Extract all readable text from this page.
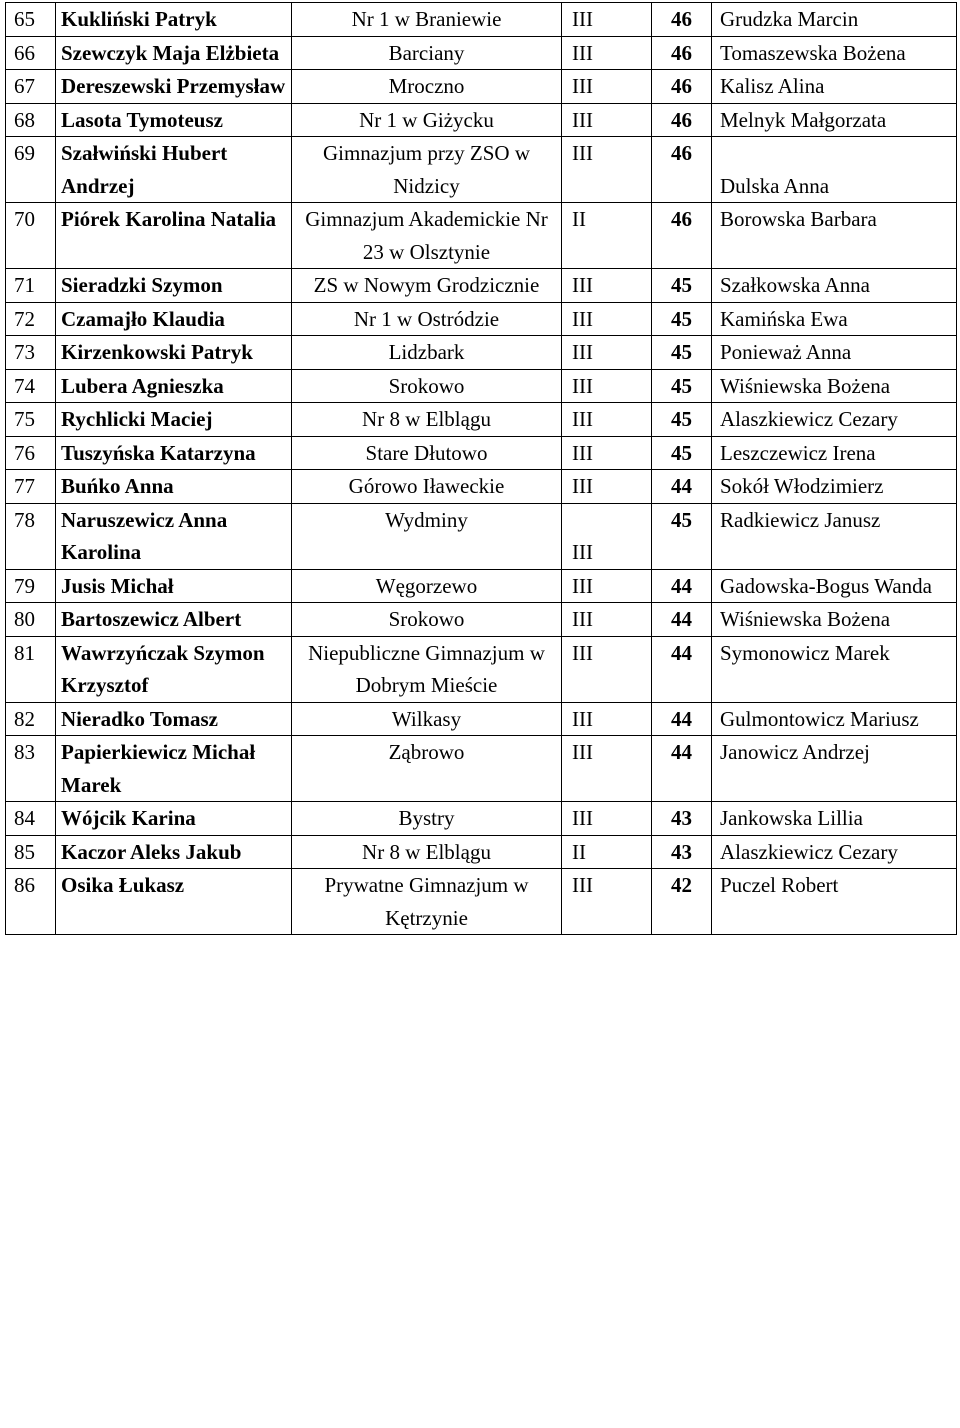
65	Kukliński Patryk	Nr 1 w Braniewie	III	46	Grudzka Marcin
66	Szewczyk Maja Elżbieta	Barciany	III	46	Tomaszewska Bożena
67	Dereszewski Przemysław	Mroczno	III	46	Kalisz Alina
68	Lasota Tymoteusz	Nr 1 w Giżycku	III	46	Melnyk Małgorzata
69	Szałwiński Hubert Andrzej	Gimnazjum przy ZSO w Nidzicy	III	46	Dulska Anna
70	Piórek Karolina Natalia	Gimnazjum Akademickie Nr 23 w Olsztynie	II	46	Borowska Barbara
71	Sieradzki Szymon	ZS w Nowym Grodzicznie	III	45	Szałkowska Anna
72	Czamajło Klaudia	Nr 1 w Ostródzie	III	45	Kamińska Ewa
73	Kirzenkowski Patryk	Lidzbark	III	45	Ponieważ Anna
74	Lubera Agnieszka	Srokowo	III	45	Wiśniewska Bożena
75	Rychlicki Maciej	Nr 8 w Elblągu	III	45	Alaszkiewicz Cezary
76	Tuszyńska Katarzyna	Stare Dłutowo	III	45	Leszczewicz Irena
77	Buńko Anna	Górowo Iławeckie	III	44	Sokół Włodzimierz
78	Naruszewicz Anna Karolina	Wydminy	III	45	Radkiewicz Janusz
79	Jusis Michał	Węgorzewo	III	44	Gadowska-Bogus Wanda
80	Bartoszewicz Albert	Srokowo	III	44	Wiśniewska Bożena
81	Wawrzyńczak Szymon Krzysztof	Niepubliczne Gimnazjum w Dobrym Mieście	III	44	Symonowicz Marek
82	Nieradko Tomasz	Wilkasy	III	44	Gulmontowicz Mariusz
83	Papierkiewicz Michał Marek	Ząbrowo	III	44	Janowicz Andrzej
84	Wójcik Karina	Bystry	III	43	Jankowska Lillia
85	Kaczor Aleks Jakub	Nr 8 w Elblągu	II	43	Alaszkiewicz Cezary
86	Osika Łukasz	Prywatne Gimnazjum w Kętrzynie	III	42	Puczel Robert
